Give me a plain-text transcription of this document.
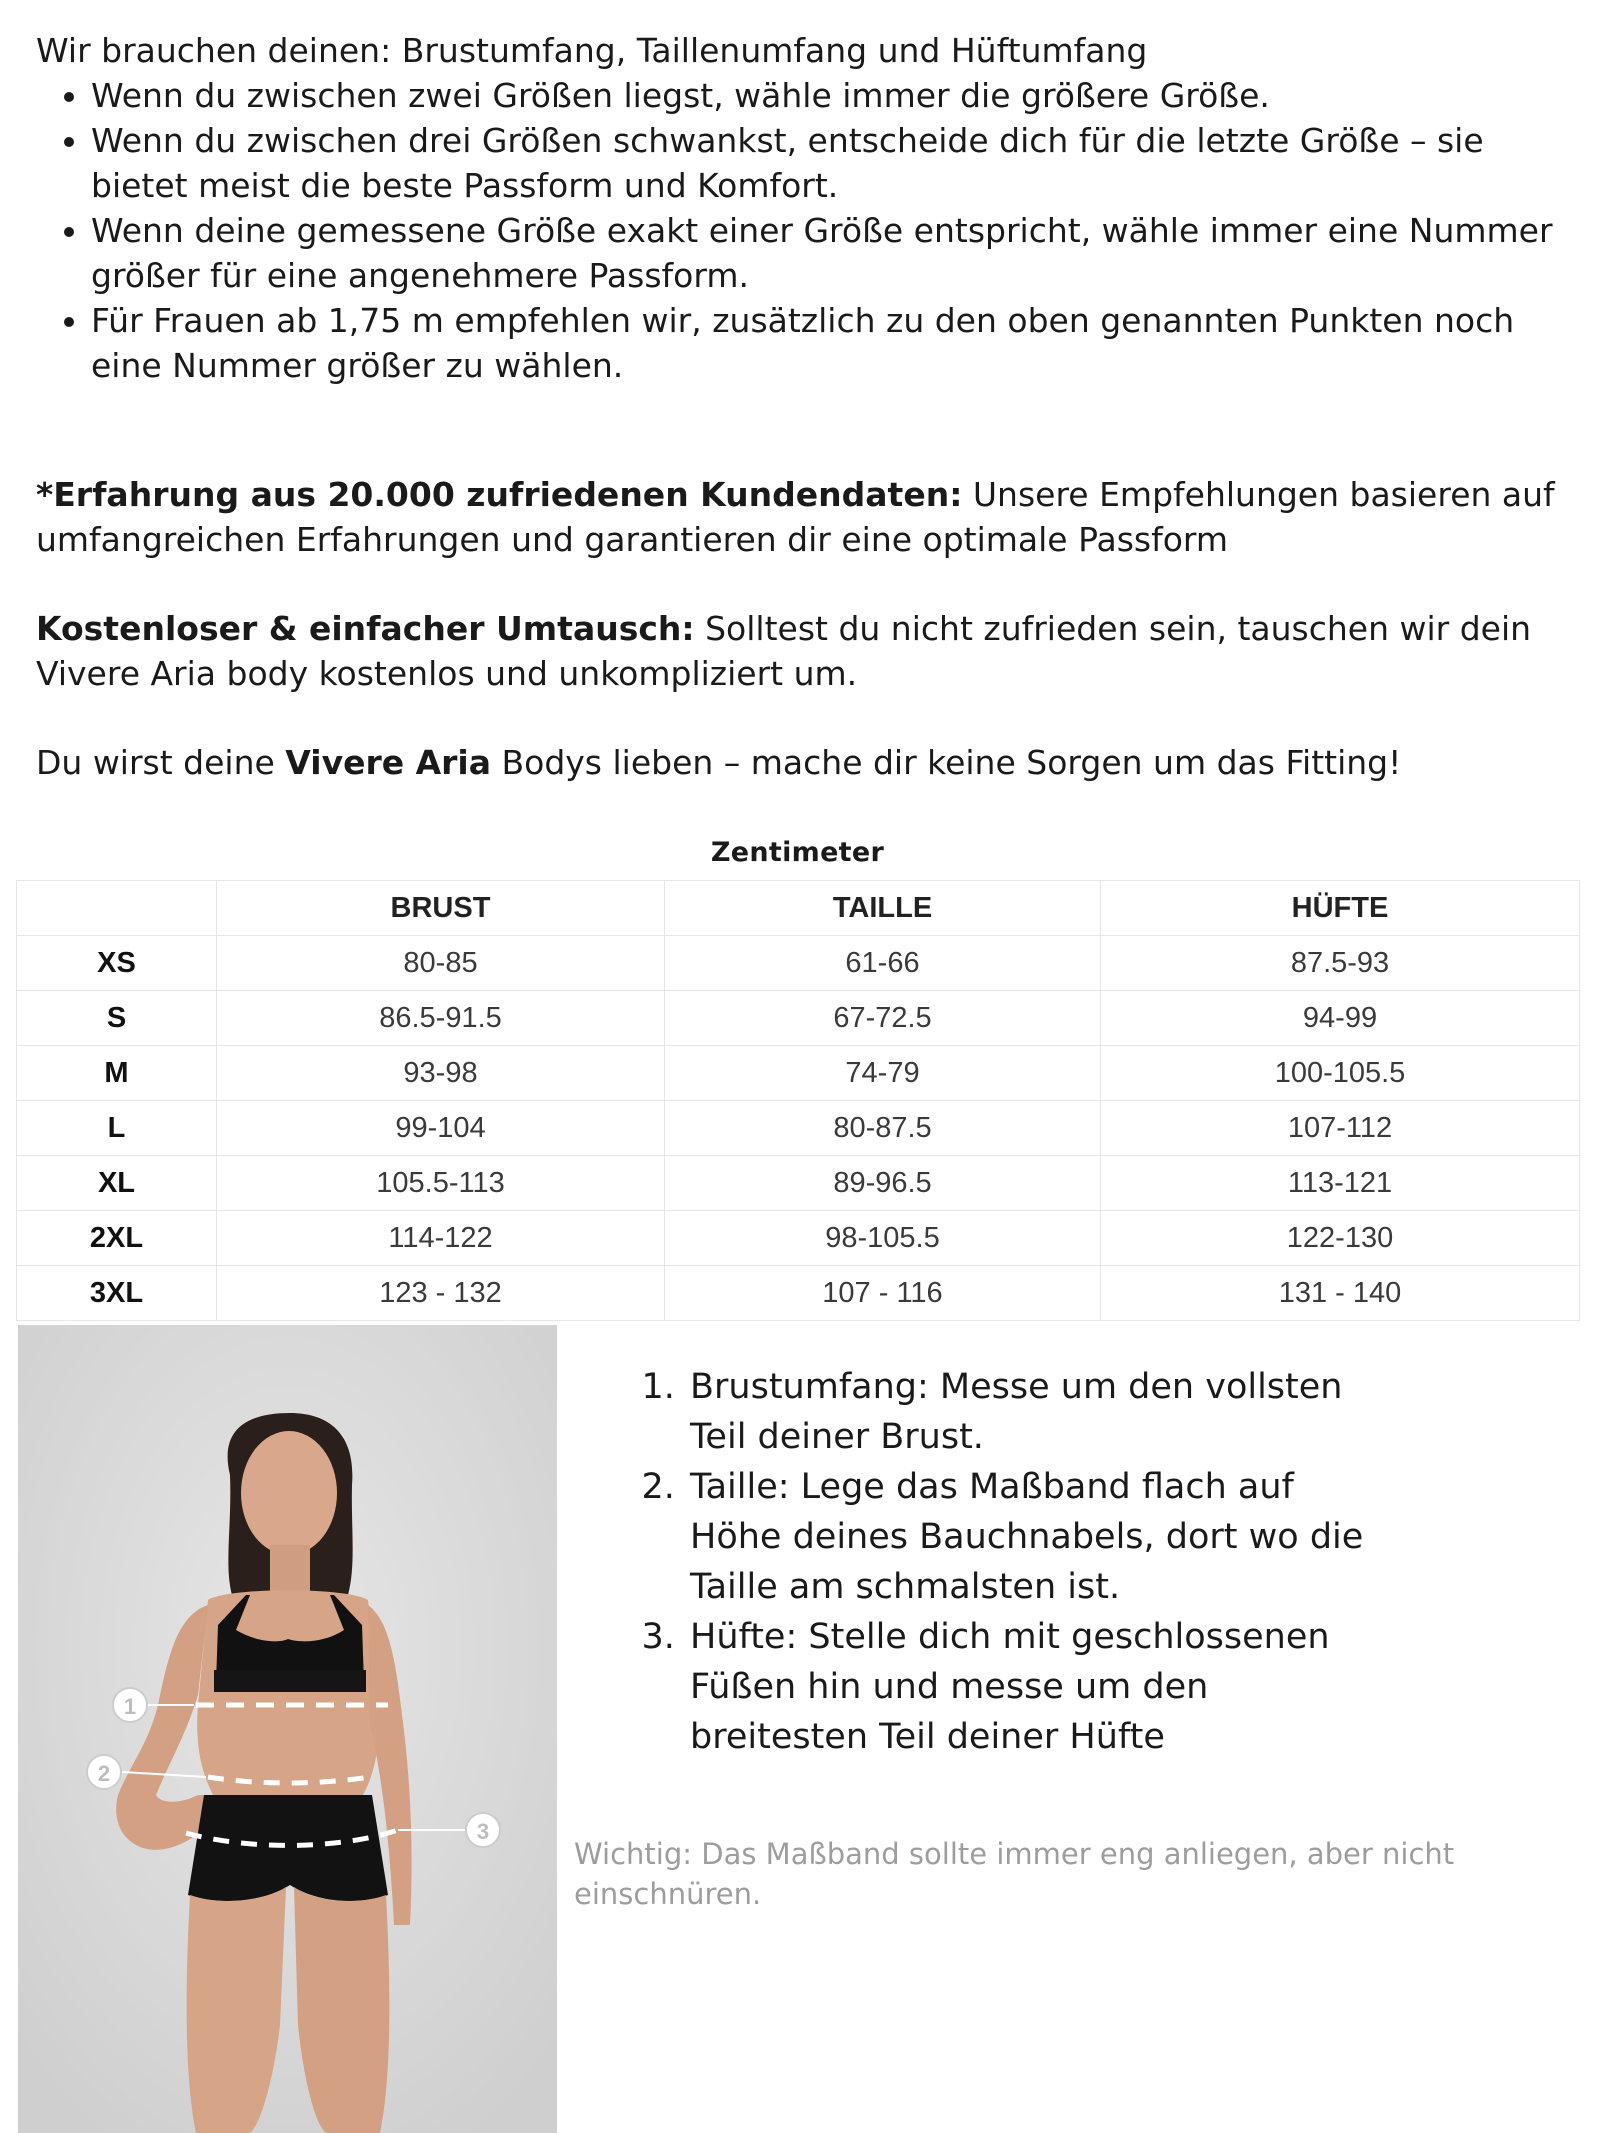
Wir brauchen deinen: Brustumfang, Taillenumfang und Hüftumfang

• Wenn du zwischen zwei Größen liegst, wähle immer die größere Größe.
• Wenn du zwischen drei Größen schwankst, entscheide dich für die letzte Größe – sie bietet meist die beste Passform und Komfort.
• Wenn deine gemessene Größe exakt einer Größe entspricht, wähle immer eine Nummer größer für eine angenehmere Passform.
• Für Frauen ab 1,75 m empfehlen wir, zusätzlich zu den oben genannten Punkten noch eine Nummer größer zu wählen.

*Erfahrung aus 20.000 zufriedenen Kundendaten: Unsere Empfehlungen basieren auf umfangreichen Erfahrungen und garantieren dir eine optimale Passform

Kostenloser & einfacher Umtausch: Solltest du nicht zufrieden sein, tauschen wir dein Vivere Aria body kostenlos und unkompliziert um.

Du wirst deine Vivere Aria Bodys lieben – mache dir keine Sorgen um das Fitting!

Zentimeter
	BRUST	TAILLE	HÜFTE
XS	80-85	61-66	87.5-93
S	86.5-91.5	67-72.5	94-99
M	93-98	74-79	100-105.5
L	99-104	80-87.5	107-112
XL	105.5-113	89-96.5	113-121
2XL	114-122	98-105.5	122-130
3XL	123 - 132	107 - 116	131 - 140
1
2
3
1. Brustumfang: Messe um den vollsten Teil deiner Brust.
2. Taille: Lege das Maßband flach auf Höhe deines Bauchnabels, dort wo die Taille am schmalsten ist.
3. Hüfte: Stelle dich mit geschlossenen Füßen hin und messe um den breitesten Teil deiner Hüfte

Wichtig: Das Maßband sollte immer eng anliegen, aber nicht einschnüren.
